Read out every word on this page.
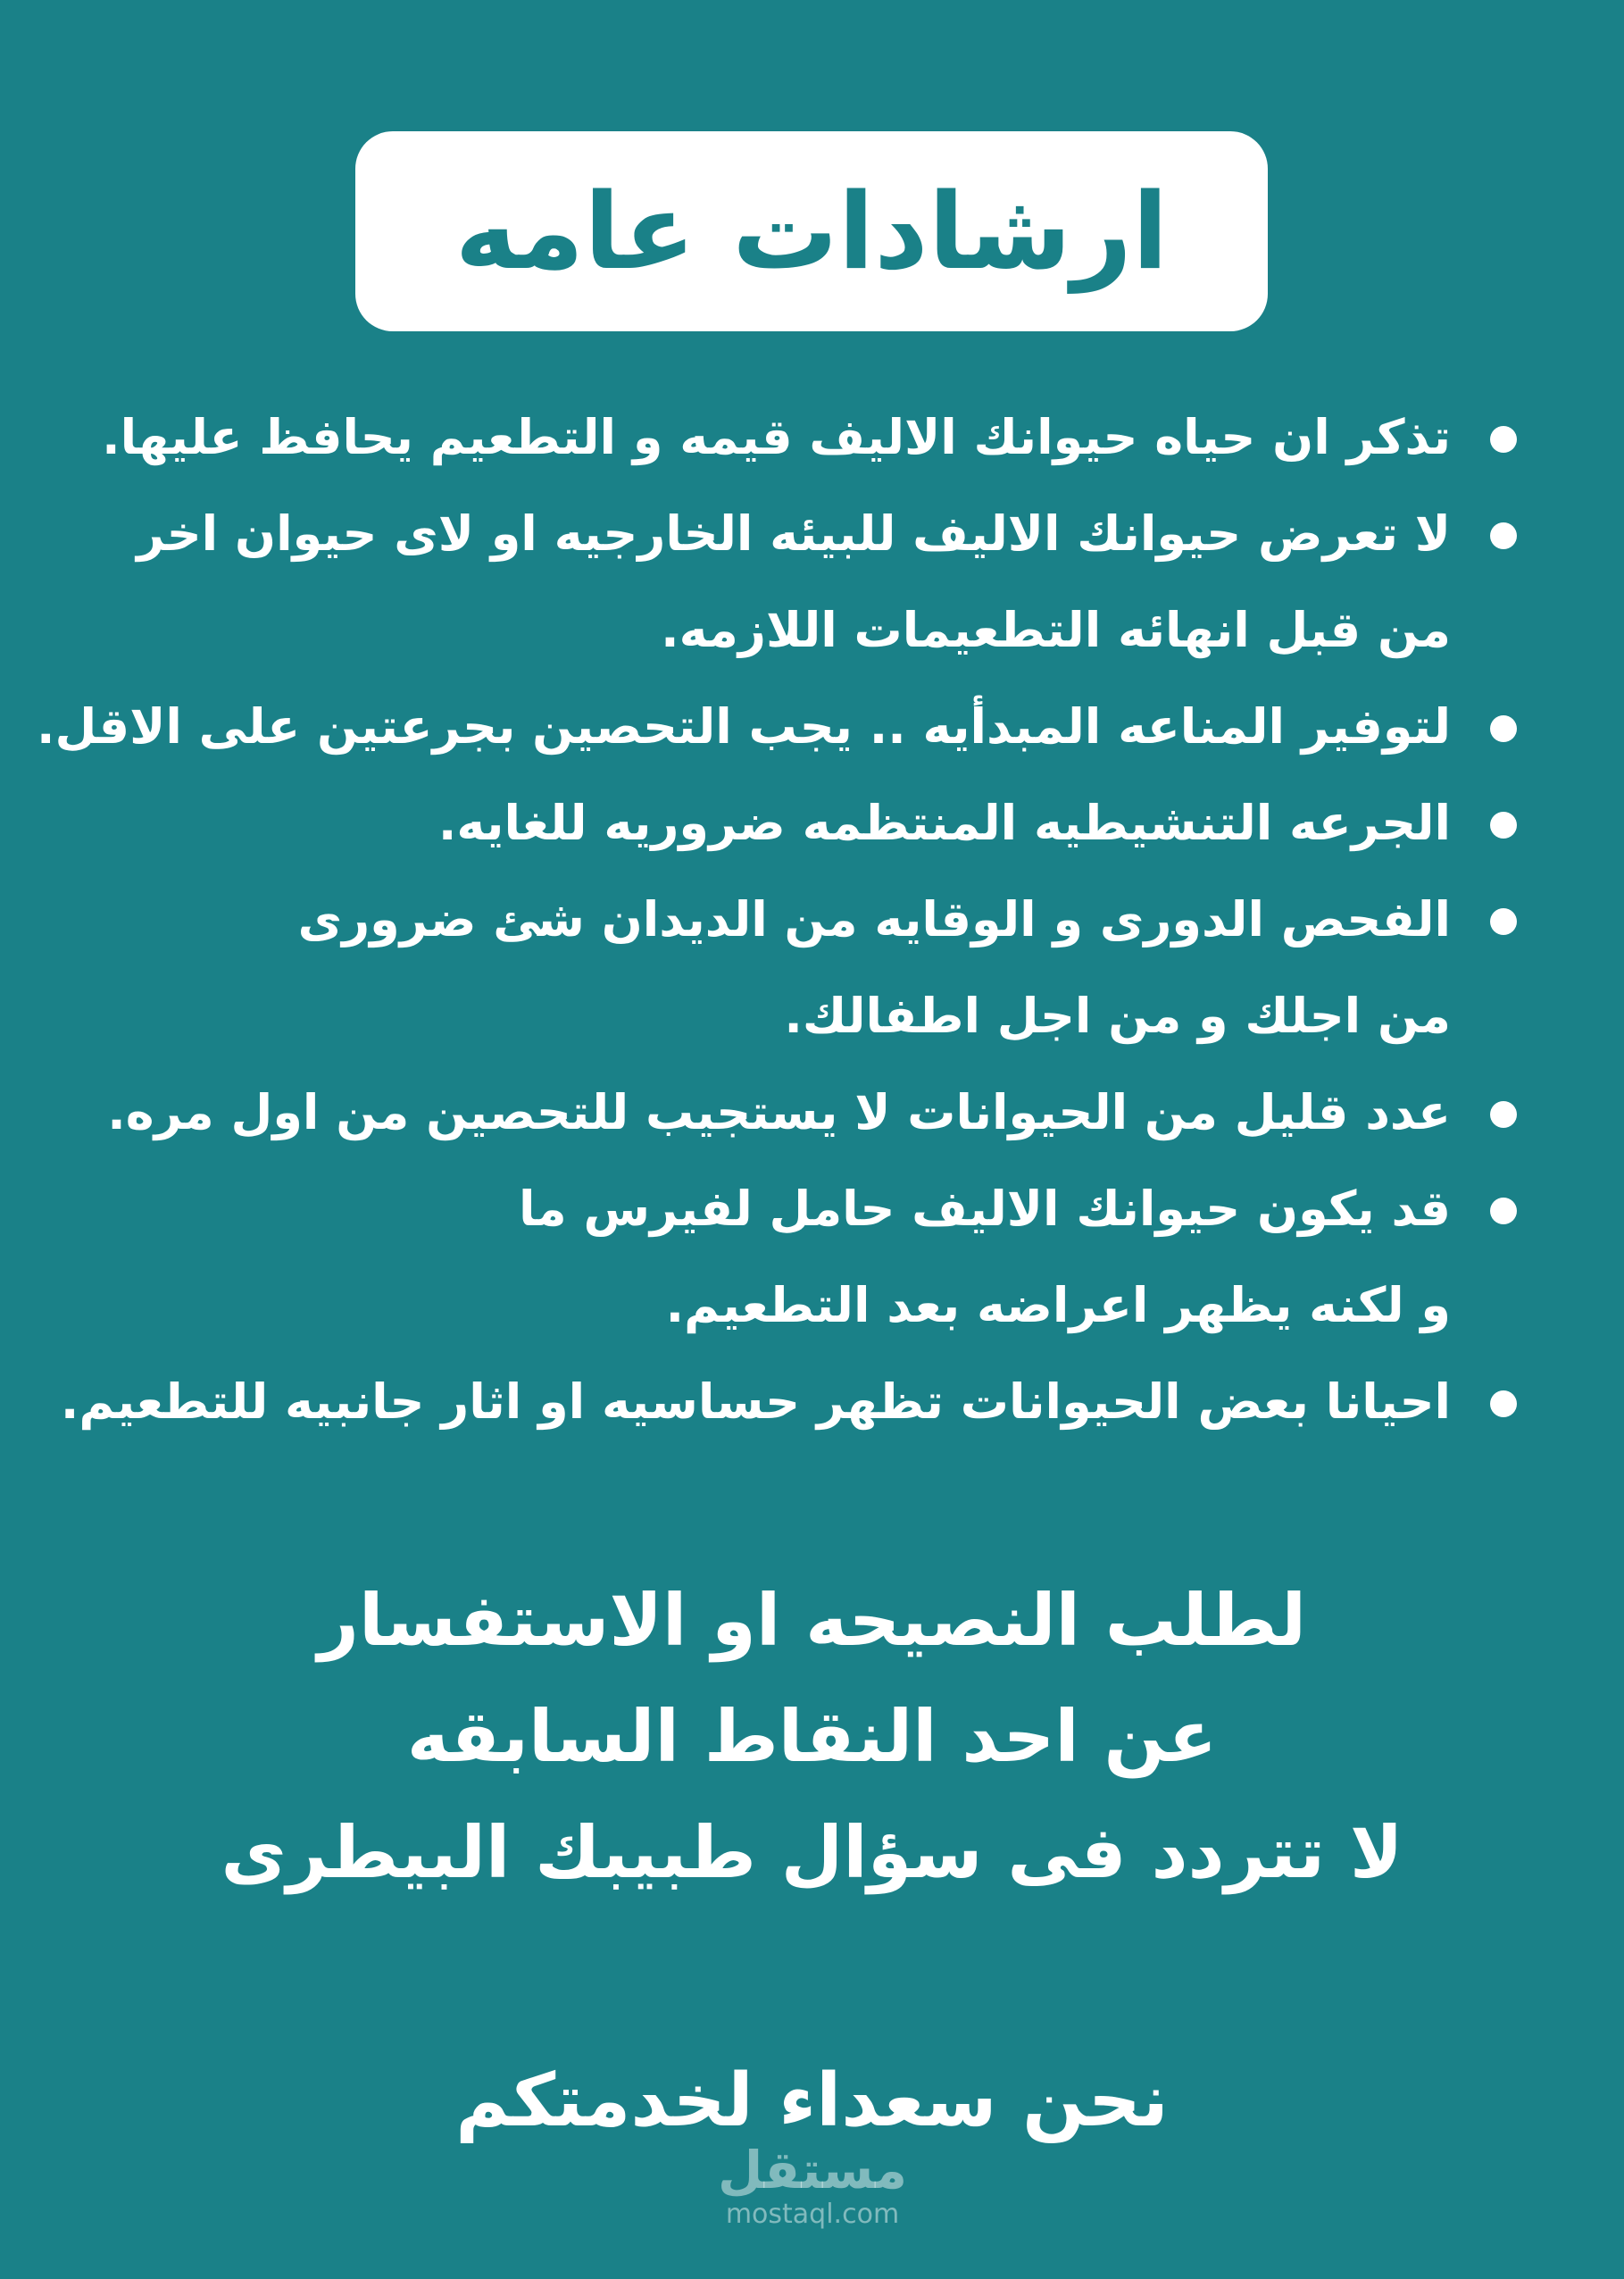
ارشادات عامه
تذكر ان حياه حيوانك الاليف قيمه و التطعيم يحافظ عليها.
لا تعرض حيوانك الاليف للبيئه الخارجيه او لاى حيوان اخر
من قبل انهائه التطعيمات اللازمه.
لتوفير المناعه المبدأيه .. يجب التحصين بجرعتين على الاقل.
الجرعه التنشيطيه المنتظمه ضروريه للغايه.
الفحص الدورى و الوقايه من الديدان شئ ضرورى
من اجلك و من اجل اطفالك.
عدد قليل من الحيوانات لا يستجيب للتحصين من اول مره.
قد يكون حيوانك الاليف حامل لفيرس ما
و لكنه يظهر اعراضه بعد التطعيم.
احيانا بعض الحيوانات تظهر حساسيه او اثار جانبيه للتطعيم.
لطلب النصيحه او الاستفسار
عن احد النقاط السابقه
لا تتردد فى سؤال طبيبك البيطرى
نحن سعداء لخدمتكم
مستقل
mostaql.com
